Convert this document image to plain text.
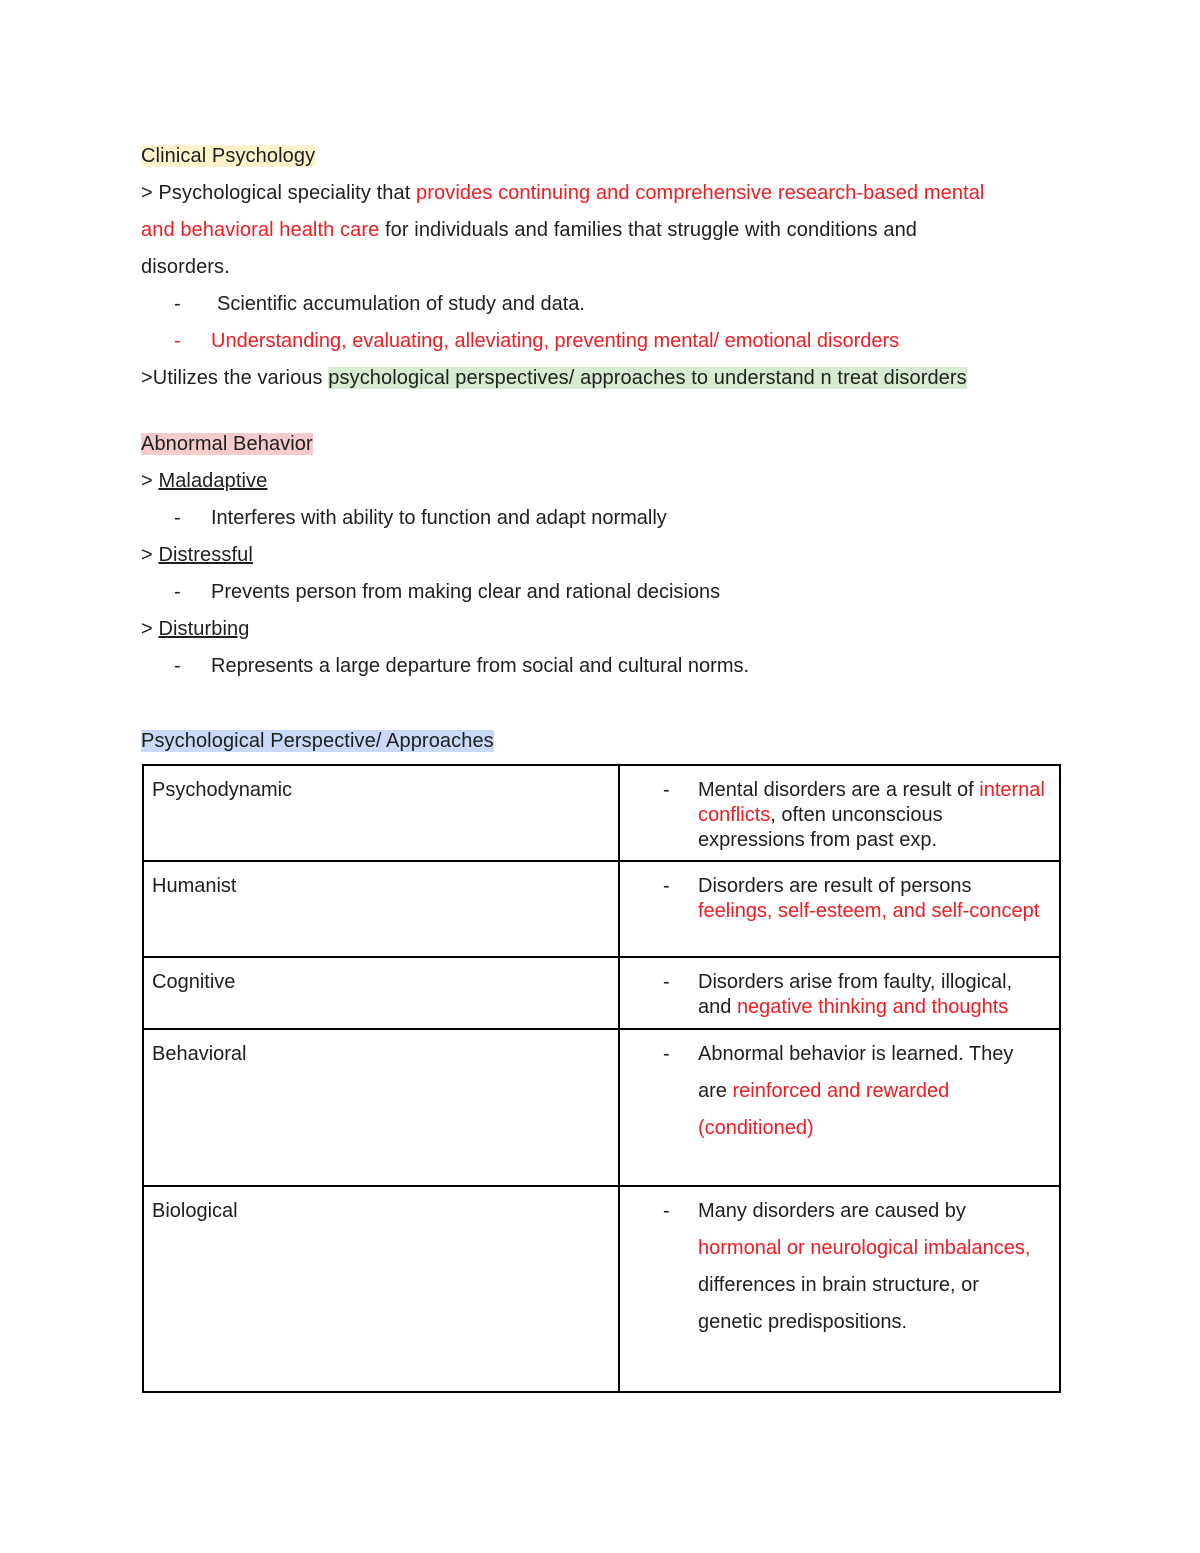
Clinical Psychology
> Psychological speciality that provides continuing and comprehensive research-based mental
and behavioral health care for individuals and families that struggle with conditions and
disorders.
-	Scientific accumulation of study and data.
-	Understanding, evaluating, alleviating, preventing mental/ emotional disorders
>Utilizes the various psychological perspectives/ approaches to understand n treat disorders
Abnormal Behavior
> Maladaptive
-	Interferes with ability to function and adapt normally
> Distressful
-	Prevents person from making clear and rational decisions
> Disturbing
-	Represents a large departure from social and cultural norms.
Psychological Perspective/ Approaches
Psychodynamic	- Mental disorders are a result of internal conflicts, often unconscious expressions from past exp.

Humanist	- Disorders are result of persons feelings, self-esteem, and self-concept

Cognitive	- Disorders arise from faulty, illogical, and negative thinking and thoughts

Behavioral	- Abnormal behavior is learned. They are reinforced and rewarded (conditioned)

Biological	- Many disorders are caused by hormonal or neurological imbalances, differences in brain structure, or genetic predispositions.
